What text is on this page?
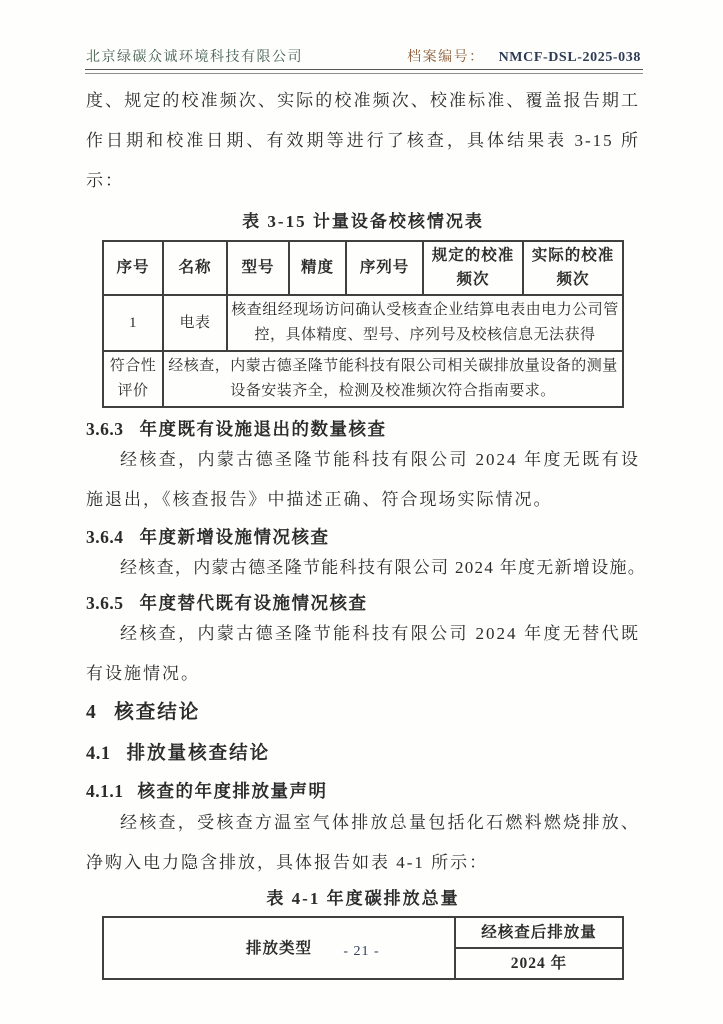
北京绿碳众诚环境科技有限公司	档案编号： NMCF-DSL-2025-038

度、规定的校准频次、实际的校准频次、校准标准、覆盖报告期工作日期和校准日期、有效期等进行了核查，具体结果表 3-15 所示：

表 3-15 计量设备校核情况表

序号	名称	型号	精度	序列号	规定的校准频次	实际的校准频次
1	电表	核查组经现场访问确认受核查企业结算电表由电力公司管控，具体精度、型号、序列号及校核信息无法获得				
符合性评价	经核查，内蒙古德圣隆节能科技有限公司相关碳排放量设备的测量设备安装齐全，检测及校准频次符合指南要求。					
3.6.3 年度既有设施退出的数量核查

经核查，内蒙古德圣隆节能科技有限公司 2024 年度无既有设施退出，《核查报告》中描述正确、符合现场实际情况。

3.6.4 年度新增设施情况核查

经核查，内蒙古德圣隆节能科技有限公司 2024 年度无新增设施。

3.6.5 年度替代既有设施情况核查

经核查，内蒙古德圣隆节能科技有限公司 2024 年度无替代既有设施情况。

4 核查结论
4.1 排放量核查结论
4.1.1 核查的年度排放量声明

经核查，受核查方温室气体排放总量包括化石燃料燃烧排放、净购入电力隐含排放，具体报告如表 4-1 所示：

表 4-1 年度碳排放总量

排放类型	经核查后排放量
2024 年
- 21 -
